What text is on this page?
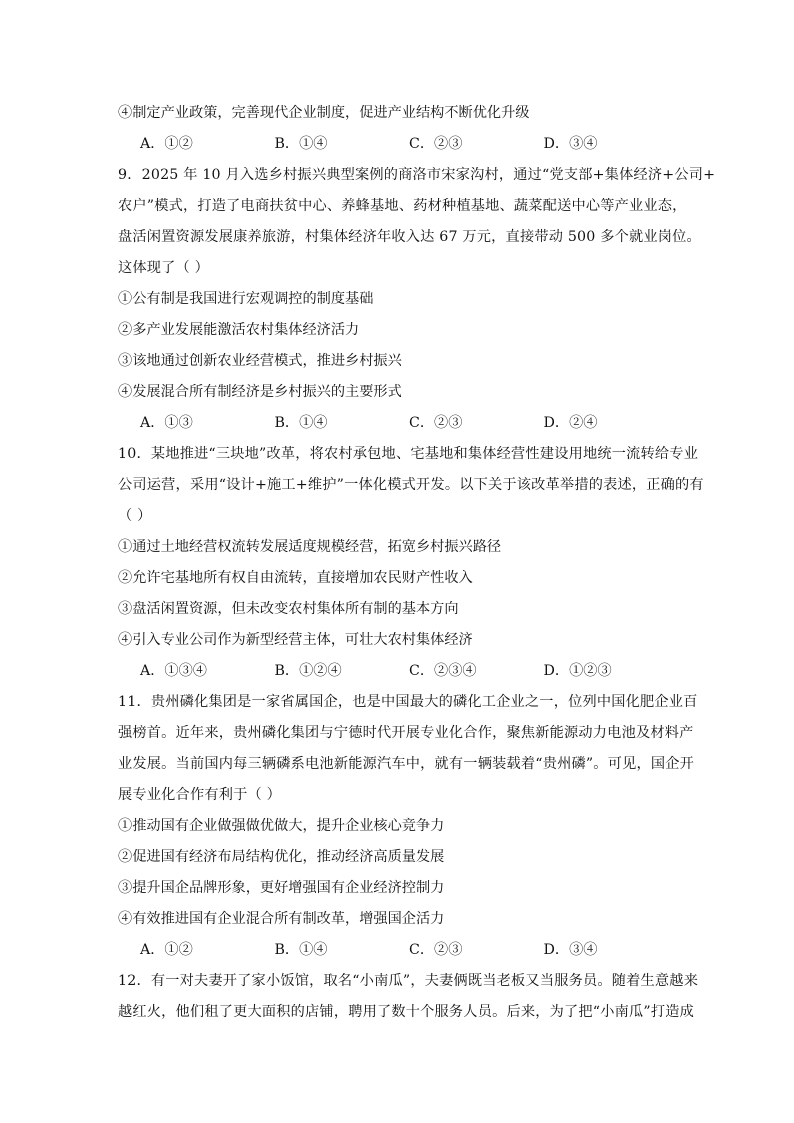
④制定产业政策，完善现代企业制度，促进产业结构不断优化升级
A．①②	B．①④	C．②③	D．③④
9．2025 年 10 月入选乡村振兴典型案例的商洛市宋家沟村，通过“党支部+集体经济+公司+
农户”模式，打造了电商扶贫中心、养蜂基地、药材种植基地、蔬菜配送中心等产业业态，
盘活闲置资源发展康养旅游，村集体经济年收入达 67 万元，直接带动 500 多个就业岗位。
这体现了（ ）
①公有制是我国进行宏观调控的制度基础
②多产业发展能激活农村集体经济活力
③该地通过创新农业经营模式，推进乡村振兴
④发展混合所有制经济是乡村振兴的主要形式
A．①③	B．①④	C．②③	D．②④
10．某地推进“三块地”改革，将农村承包地、宅基地和集体经营性建设用地统一流转给专业
公司运营，采用“设计+施工+维护”一体化模式开发。以下关于该改革举措的表述，正确的有
（ ）
①通过土地经营权流转发展适度规模经营，拓宽乡村振兴路径
②允许宅基地所有权自由流转，直接增加农民财产性收入
③盘活闲置资源，但未改变农村集体所有制的基本方向
④引入专业公司作为新型经营主体，可壮大农村集体经济
A．①③④	B．①②④	C．②③④	D．①②③
11．贵州磷化集团是一家省属国企，也是中国最大的磷化工企业之一，位列中国化肥企业百
强榜首。近年来，贵州磷化集团与宁德时代开展专业化合作，聚焦新能源动力电池及材料产
业发展。当前国内每三辆磷系电池新能源汽车中，就有一辆装载着“贵州磷”。可见，国企开
展专业化合作有利于（ ）
①推动国有企业做强做优做大，提升企业核心竞争力
②促进国有经济布局结构优化，推动经济高质量发展
③提升国企品牌形象，更好增强国有企业经济控制力
④有效推进国有企业混合所有制改革，增强国企活力
A．①②	B．①④	C．②③	D．③④
12．有一对夫妻开了家小饭馆，取名“小南瓜”，夫妻俩既当老板又当服务员。随着生意越来
越红火，他们租了更大面积的店铺，聘用了数十个服务人员。后来，为了把“小南瓜”打造成
